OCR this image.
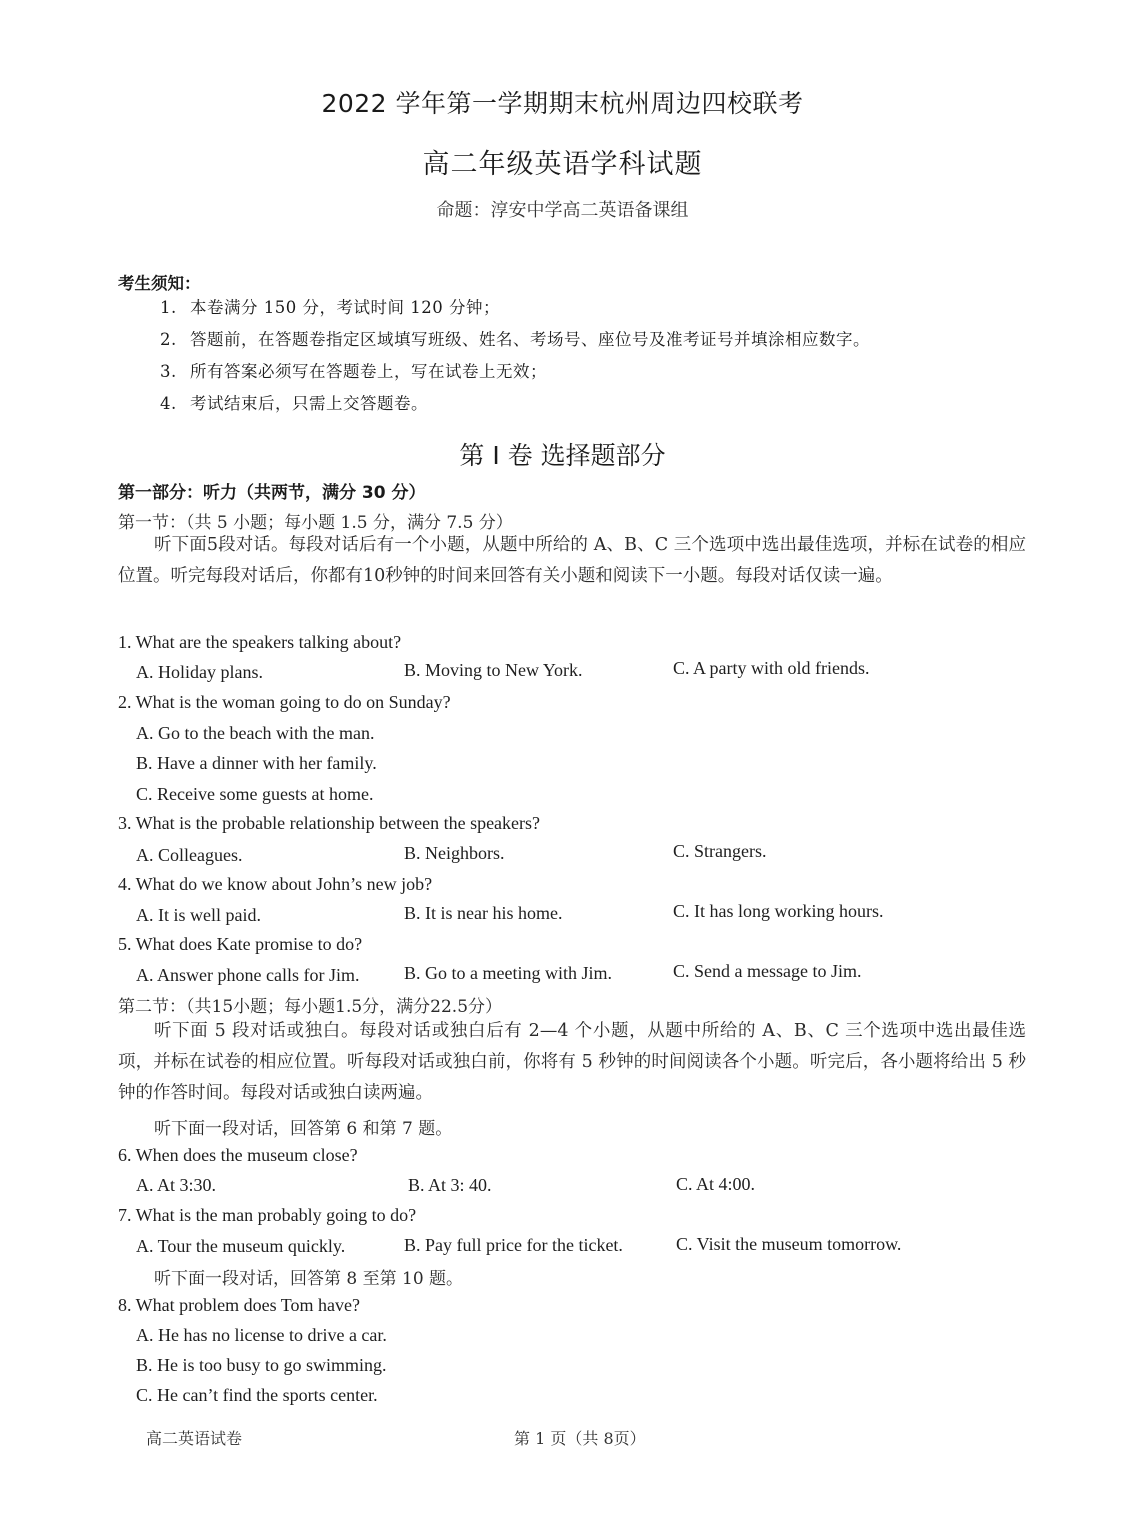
2022 学年第一学期期末杭州周边四校联考
高二年级英语学科试题
命题：淳安中学高二英语备课组
考生须知：
1. 本卷满分 150 分，考试时间 120 分钟；
2. 答题前，在答题卷指定区域填写班级、姓名、考场号、座位号及准考证号并填涂相应数字。
3. 所有答案必须写在答题卷上，写在试卷上无效；
4. 考试结束后，只需上交答题卷。
第 I 卷 选择题部分
第一部分：听力（共两节，满分 30 分）
第一节：（共 5 小题；每小题 1.5 分，满分 7.5 分）
听下面5段对话。每段对话后有一个小题，从题中所给的 A、B、C 三个选项中选出最佳选项，并标在试卷的相应位置。听完每段对话后，你都有10秒钟的时间来回答有关小题和阅读下一小题。每段对话仅读一遍。
1. What are the speakers talking about?
A. Holiday plans.	B. Moving to New York.	C. A party with old friends.
2. What is the woman going to do on Sunday?
A. Go to the beach with the man.
B. Have a dinner with her family.
C. Receive some guests at home.
3. What is the probable relationship between the speakers?
A. Colleagues.	B. Neighbors.	C. Strangers.
4. What do we know about John’s new job?
A. It is well paid.	B. It is near his home.	C. It has long working hours.
5. What does Kate promise to do?
A. Answer phone calls for Jim. B. Go to a meeting with Jim.	C. Send a message to Jim.
第二节：（共15小题；每小题1.5分，满分22.5分）
听下面 5 段对话或独白。每段对话或独白后有 2—4 个小题，从题中所给的 A、B、C 三个选项中选出最佳选项，并标在试卷的相应位置。听每段对话或独白前，你将有 5 秒钟的时间阅读各个小题。听完后，各小题将给出 5 秒钟的作答时间。每段对话或独白读两遍。
听下面一段对话，回答第 6 和第 7 题。
6. When does the museum close?
A. At 3:30.	B. At 3: 40.	C. At 4:00.
7. What is the man probably going to do?
A. Tour the museum quickly.	B. Pay full price for the ticket.	C. Visit the museum tomorrow.
听下面一段对话，回答第 8 至第 10 题。
8. What problem does Tom have?
A. He has no license to drive a car.
B. He is too busy to go swimming.
C. He can’t find the sports center.
高二英语试卷	第 1 页（共 8页）
